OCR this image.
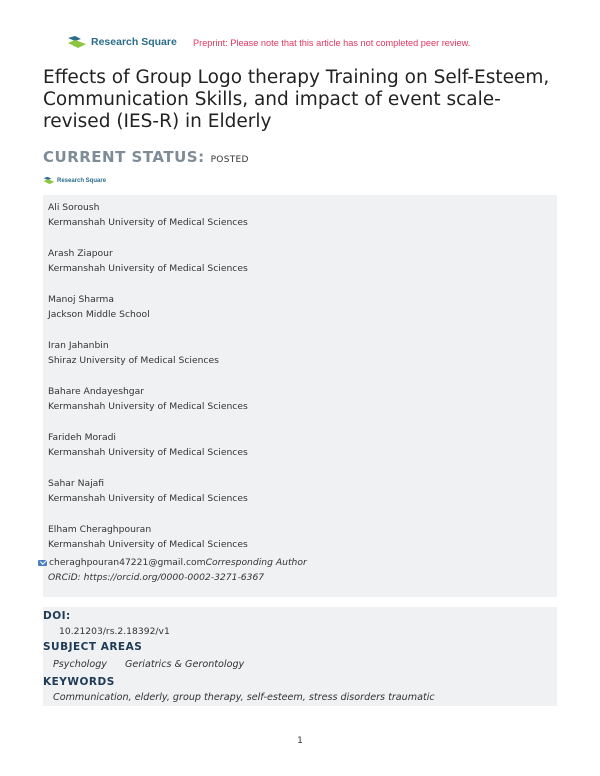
Research Square Preprint: Please note that this article has not completed peer review.
Effects of Group Logo therapy Training on Self-Esteem, Communication Skills, and impact of event scale-revised (IES-R) in Elderly
CURRENT STATUS: POSTED
Research Square
Ali Soroush
Kermanshah University of Medical Sciences
Arash Ziapour
Kermanshah University of Medical Sciences
Manoj Sharma
Jackson Middle School
Iran Jahanbin
Shiraz University of Medical Sciences
Bahare Andayeshgar
Kermanshah University of Medical Sciences
Farideh Moradi
Kermanshah University of Medical Sciences
Sahar Najafi
Kermanshah University of Medical Sciences
Elham Cheraghpouran
Kermanshah University of Medical Sciences
cheraghpouran47221@gmail.com Corresponding Author
ORCiD: https://orcid.org/0000-0002-3271-6367
DOI:
10.21203/rs.2.18392/v1
SUBJECT AREAS
Psychology Geriatrics & Gerontology
KEYWORDS
Communication, elderly, group therapy, self-esteem, stress disorders traumatic
1
